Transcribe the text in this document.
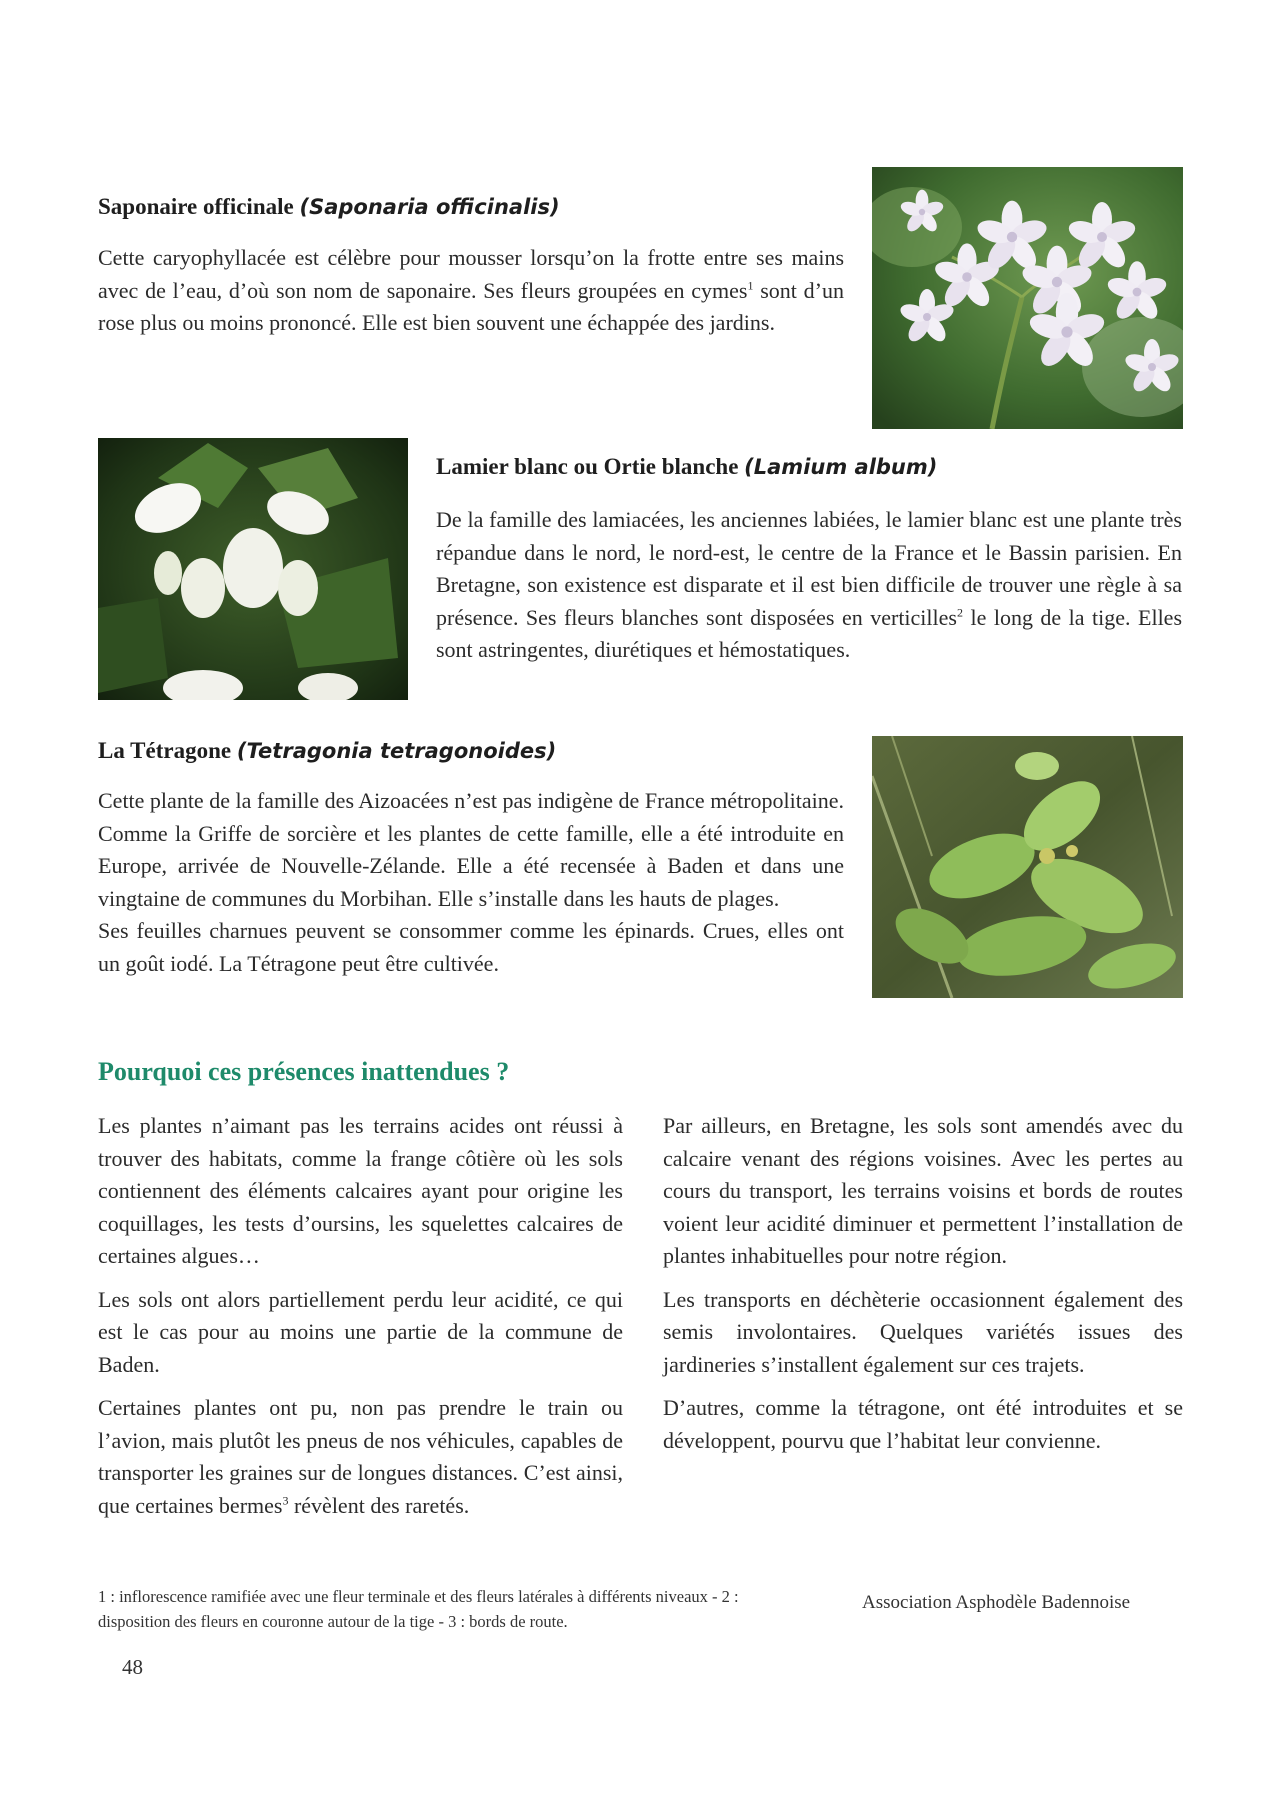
Saponaire officinale (Saponaria officinalis)

Cette caryophyllacée est célèbre pour mousser lorsqu’on la frotte entre ses mains avec de l’eau, d’où son nom de saponaire. Ses fleurs groupées en cymes$^1$ sont d’un rose plus ou moins prononcé. Elle est bien souvent une échappée des jardins.

Lamier blanc ou Ortie blanche (Lamium album)

De la famille des lamiacées, les anciennes labiées, le lamier blanc est une plante très répandue dans le nord, le nord-est, le centre de la France et le Bassin parisien. En Bretagne, son existence est disparate et il est bien difficile de trouver une règle à sa présence. Ses fleurs blanches sont disposées en verticilles$^2$ le long de la tige. Elles sont astringentes, diurétiques et hémostatiques.

La Tétragone (Tetragonia tetragonoides)

Cette plante de la famille des Aizoacées n’est pas indigène de France métropolitaine. Comme la Griffe de sorcière et les plantes de cette famille, elle a été introduite en Europe, arrivée de Nouvelle-Zélande. Elle a été recensée à Baden et dans une vingtaine de communes du Morbihan. Elle s’installe dans les hauts de plages.

Ses feuilles charnues peuvent se consommer comme les épinards. Crues, elles ont un goût iodé. La Tétragone peut être cultivée.

Pourquoi ces présences inattendues ?

Les plantes n’aimant pas les terrains acides ont réussi à trouver des habitats, comme la frange côtière où les sols contiennent des éléments calcaires ayant pour origine les coquillages, les tests d’oursins, les squelettes calcaires de certaines algues…

Les sols ont alors partiellement perdu leur acidité, ce qui est le cas pour au moins une partie de la commune de Baden.

Certaines plantes ont pu, non pas prendre le train ou l’avion, mais plutôt les pneus de nos véhicules, capables de transporter les graines sur de longues distances. C’est ainsi, que certaines bermes$^3$ révèlent des raretés.

Par ailleurs, en Bretagne, les sols sont amendés avec du calcaire venant des régions voisines. Avec les pertes au cours du transport, les terrains voisins et bords de routes voient leur acidité diminuer et permettent l’installation de plantes inhabituelles pour notre région.

Les transports en déchèterie occasionnent également des semis involontaires. Quelques variétés issues des jardineries s’installent également sur ces trajets.

D’autres, comme la tétragone, ont été introduites et se développent, pourvu que l’habitat leur convienne.

1 : inflorescence ramifiée avec une fleur terminale et des fleurs latérales à différents niveaux - 2 : disposition des fleurs en couronne autour de la tige - 3 : bords de route.

Association Asphodèle Badennoise
48
